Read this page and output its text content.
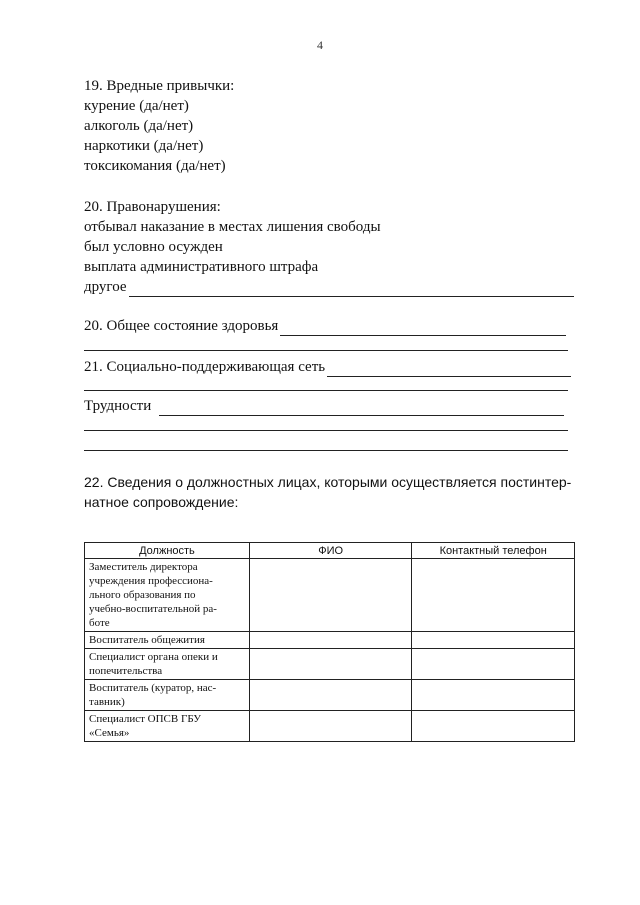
4
19. Вредные привычки:
курение (да/нет)
алкоголь (да/нет)
наркотики (да/нет)
токсикомания (да/нет)
20. Правонарушения:
отбывал наказание в местах лишения свободы
был условно осужден
выплата административного штрафа
другое
20. Общее состояние здоровья
21. Социально-поддерживающая сеть
Трудности
22. Сведения о должностных лицах, которыми осуществляется постинтер-
натное сопровождение:
Должность	ФИО	Контактный телефон

Заместитель директора
учреждения профессиона-
льного образования по
учебно-воспитательной ра-
боте		

Воспитатель общежития		

Специалист органа опеки и
попечительства		

Воспитатель (куратор, нас-
тавник)		

Специалист ОПСВ ГБУ
«Семья»		
